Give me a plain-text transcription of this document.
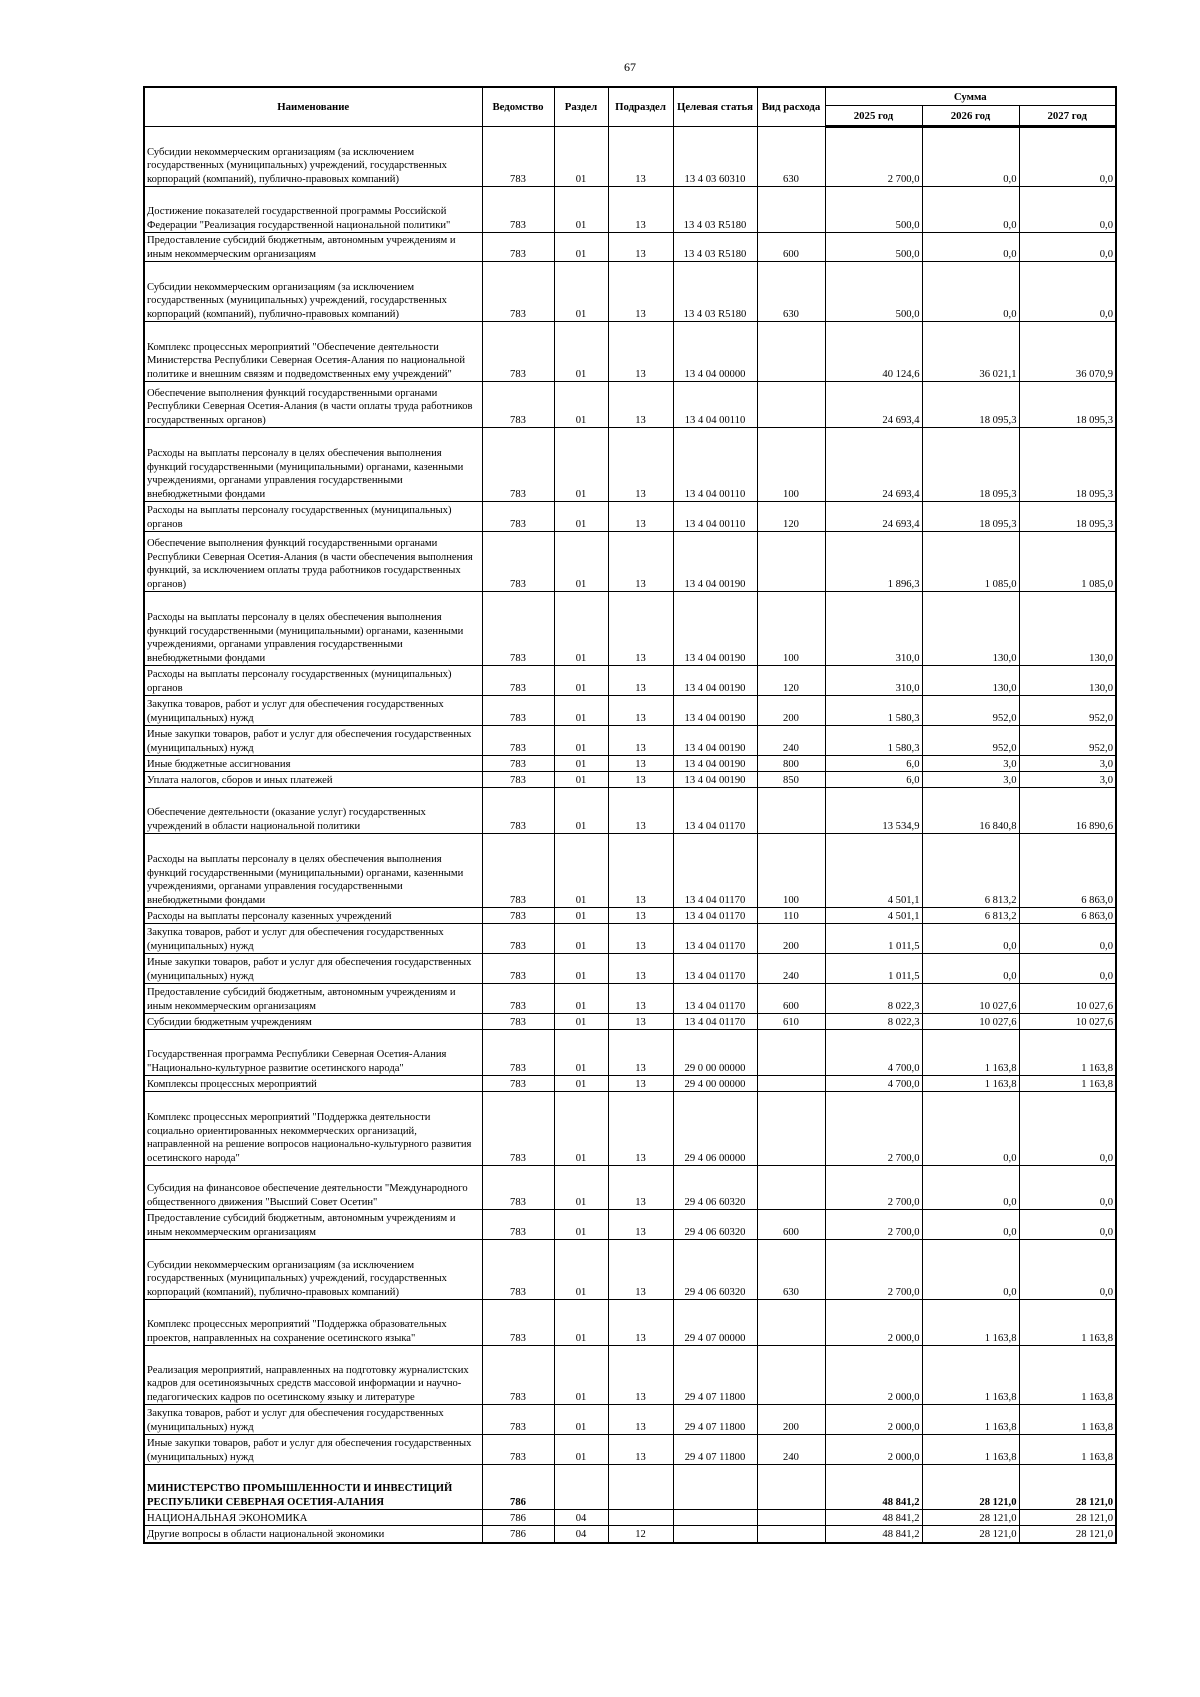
67
Наименование	Ведомство	Раздел	Подраздел	Целевая статья	Вид расхода	Сумма		
						2025 год	2026 год	2027 год
Субсидии некоммерческим организациям (за исключением государственных (муниципальных) учреждений, государственных корпораций (компаний), публично-правовых компаний)	783	01	13	13 4 03 60310	630	2 700,0	0,0	0,0
Достижение показателей государственной программы Российской Федерации "Реализация государственной национальной политики"	783	01	13	13 4 03 R5180		500,0	0,0	0,0
Предоставление субсидий бюджетным, автономным учреждениям и иным некоммерческим организациям	783	01	13	13 4 03 R5180	600	500,0	0,0	0,0
Субсидии некоммерческим организациям (за исключением государственных (муниципальных) учреждений, государственных корпораций (компаний), публично-правовых компаний)	783	01	13	13 4 03 R5180	630	500,0	0,0	0,0
Комплекс процессных мероприятий "Обеспечение деятельности Министерства Республики Северная Осетия-Алания по национальной политике и внешним связям и подведомственных ему учреждений"	783	01	13	13 4 04 00000		40 124,6	36 021,1	36 070,9
Обеспечение выполнения функций государственными органами Республики Северная Осетия-Алания (в части оплаты труда работников государственных органов)	783	01	13	13 4 04 00110		24 693,4	18 095,3	18 095,3
Расходы на выплаты персоналу в целях обеспечения выполнения функций государственными (муниципальными) органами, казенными учреждениями, органами управления государственными внебюджетными фондами	783	01	13	13 4 04 00110	100	24 693,4	18 095,3	18 095,3
Расходы на выплаты персоналу государственных (муниципальных) органов	783	01	13	13 4 04 00110	120	24 693,4	18 095,3	18 095,3
Обеспечение выполнения функций государственными органами Республики Северная Осетия-Алания (в части обеспечения выполнения функций, за исключением оплаты труда работников государственных органов)	783	01	13	13 4 04 00190		1 896,3	1 085,0	1 085,0
Расходы на выплаты персоналу в целях обеспечения выполнения функций государственными (муниципальными) органами, казенными учреждениями, органами управления государственными внебюджетными фондами	783	01	13	13 4 04 00190	100	310,0	130,0	130,0
Расходы на выплаты персоналу государственных (муниципальных) органов	783	01	13	13 4 04 00190	120	310,0	130,0	130,0
Закупка товаров, работ и услуг для обеспечения государственных (муниципальных) нужд	783	01	13	13 4 04 00190	200	1 580,3	952,0	952,0
Иные закупки товаров, работ и услуг для обеспечения государственных (муниципальных) нужд	783	01	13	13 4 04 00190	240	1 580,3	952,0	952,0
Иные бюджетные ассигнования	783	01	13	13 4 04 00190	800	6,0	3,0	3,0
Уплата налогов, сборов и иных платежей	783	01	13	13 4 04 00190	850	6,0	3,0	3,0
Обеспечение деятельности (оказание услуг) государственных учреждений в области национальной политики	783	01	13	13 4 04 01170		13 534,9	16 840,8	16 890,6
Расходы на выплаты персоналу в целях обеспечения выполнения функций государственными (муниципальными) органами, казенными учреждениями, органами управления государственными внебюджетными фондами	783	01	13	13 4 04 01170	100	4 501,1	6 813,2	6 863,0
Расходы на выплаты персоналу казенных учреждений	783	01	13	13 4 04 01170	110	4 501,1	6 813,2	6 863,0
Закупка товаров, работ и услуг для обеспечения государственных (муниципальных) нужд	783	01	13	13 4 04 01170	200	1 011,5	0,0	0,0
Иные закупки товаров, работ и услуг для обеспечения государственных (муниципальных) нужд	783	01	13	13 4 04 01170	240	1 011,5	0,0	0,0
Предоставление субсидий бюджетным, автономным учреждениям и иным некоммерческим организациям	783	01	13	13 4 04 01170	600	8 022,3	10 027,6	10 027,6
Субсидии бюджетным учреждениям	783	01	13	13 4 04 01170	610	8 022,3	10 027,6	10 027,6
Государственная программа Республики Северная Осетия-Алания "Национально-культурное развитие осетинского народа"	783	01	13	29 0 00 00000		4 700,0	1 163,8	1 163,8
Комплексы процессных мероприятий	783	01	13	29 4 00 00000		4 700,0	1 163,8	1 163,8
Комплекс процессных мероприятий "Поддержка деятельности социально ориентированных некоммерческих организаций, направленной на решение вопросов национально-культурного развития осетинского народа"	783	01	13	29 4 06 00000		2 700,0	0,0	0,0
Субсидия на финансовое обеспечение деятельности "Международного общественного движения "Высший Совет Осетин"	783	01	13	29 4 06 60320		2 700,0	0,0	0,0
Предоставление субсидий бюджетным, автономным учреждениям и иным некоммерческим организациям	783	01	13	29 4 06 60320	600	2 700,0	0,0	0,0
Субсидии некоммерческим организациям (за исключением государственных (муниципальных) учреждений, государственных корпораций (компаний), публично-правовых компаний)	783	01	13	29 4 06 60320	630	2 700,0	0,0	0,0
Комплекс процессных мероприятий "Поддержка образовательных проектов, направленных на сохранение осетинского языка"	783	01	13	29 4 07 00000		2 000,0	1 163,8	1 163,8
Реализация мероприятий, направленных на подготовку журналистских кадров для осетиноязычных средств массовой информации и научно-педагогических кадров по осетинскому языку и литературе	783	01	13	29 4 07 11800		2 000,0	1 163,8	1 163,8
Закупка товаров, работ и услуг для обеспечения государственных (муниципальных) нужд	783	01	13	29 4 07 11800	200	2 000,0	1 163,8	1 163,8
Иные закупки товаров, работ и услуг для обеспечения государственных (муниципальных) нужд	783	01	13	29 4 07 11800	240	2 000,0	1 163,8	1 163,8
МИНИСТЕРСТВО ПРОМЫШЛЕННОСТИ И ИНВЕСТИЦИЙ РЕСПУБЛИКИ СЕВЕРНАЯ ОСЕТИЯ-АЛАНИЯ	786					48 841,2	28 121,0	28 121,0
НАЦИОНАЛЬНАЯ ЭКОНОМИКА	786	04				48 841,2	28 121,0	28 121,0
Другие вопросы в области национальной экономики	786	04	12			48 841,2	28 121,0	28 121,0
